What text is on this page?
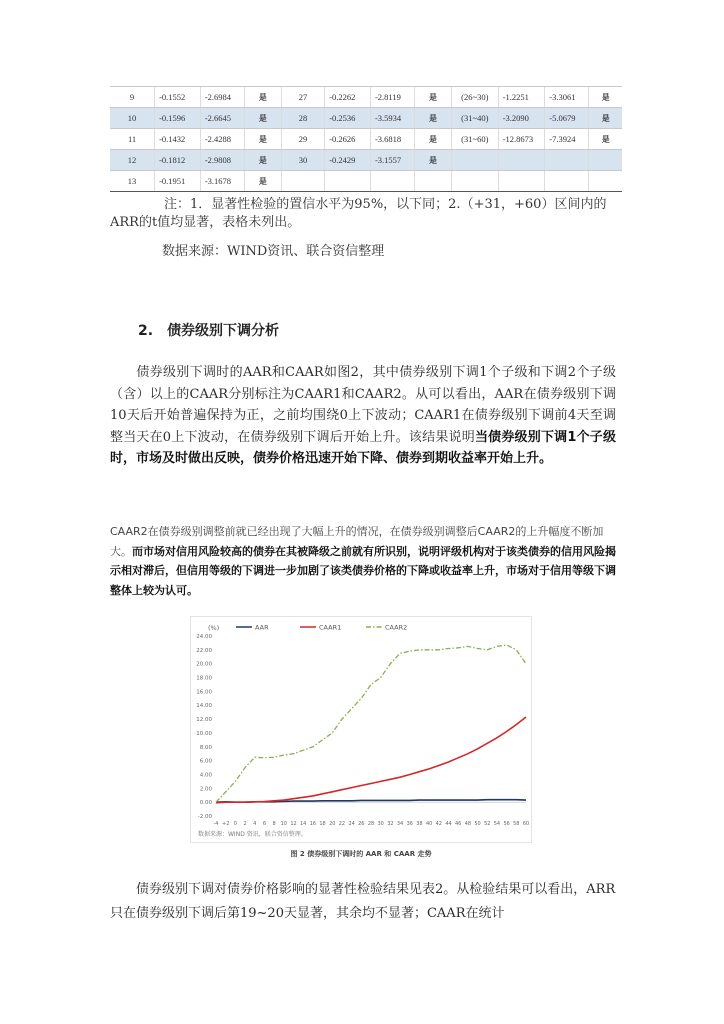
9	-0.1552	-2.6984	是	27	-0.2262	-2.8119	是	(26~30)	-1.2251	-3.3061	是
10	-0.1596	-2.6645	是	28	-0.2536	-3.5934	是	(31~40)	-3.2090	-5.0679	是
11	-0.1432	-2.4288	是	29	-0.2626	-3.6818	是	(31~60)	-12.8673	-7.3924	是
12	-0.1812	-2.9808	是	30	-0.2429	-3.1557	是				
13	-0.1951	-3.1678	是								
注：1．显著性检验的置信水平为95%，以下同；2.（+31，+60）区间内的ARR的t值均显著，表格未列出。
数据来源：WIND资讯、联合资信整理
2. 债券级别下调分析
债券级别下调时的AAR和CAAR如图2，其中债券级别下调1个子级和下调2个子级（含）以上的CAAR分别标注为CAAR1和CAAR2。从可以看出，AAR在债券级别下调10天后开始普遍保持为正，之前均围绕0上下波动；CAAR1在债券级别下调前4天至调整当天在0上下波动，在债券级别下调后开始上升。该结果说明当债券级别下调1个子级时，市场及时做出反映，债券价格迅速开始下降、债券到期收益率开始上升。
CAAR2在债券级别调整前就已经出现了大幅上升的情况，在债券级别调整后CAAR2的上升幅度不断加大。而市场对信用风险较高的债券在其被降级之前就有所识别，说明评级机构对于该类债券的信用风险揭示相对滞后，但信用等级的下调进一步加剧了该类债券价格的下降或收益率上升，市场对于信用等级下调整体上较为认可。
(%)
24.00
22.00
20.00
18.00
16.00
14.00
12.00
10.00
8.00
6.00
4.00
2.00
0.00
-2.00
-4 +2 0 2 4 6 8 10 12 14 16 18 20 22 24 26 28 30 32 34 36 38 40 42 44 46 48 50 52 54 56 58 60
AAR	CAAR1	CAAR2
数据来源：WIND 资讯，联合资信整理。
图 2 债券级别下调时的 AAR 和 CAAR 走势
债券级别下调对债券价格影响的显著性检验结果见表2。从检验结果可以看出，ARR只在债券级别下调后第19~20天显著，其余均不显著；CAAR在统计
